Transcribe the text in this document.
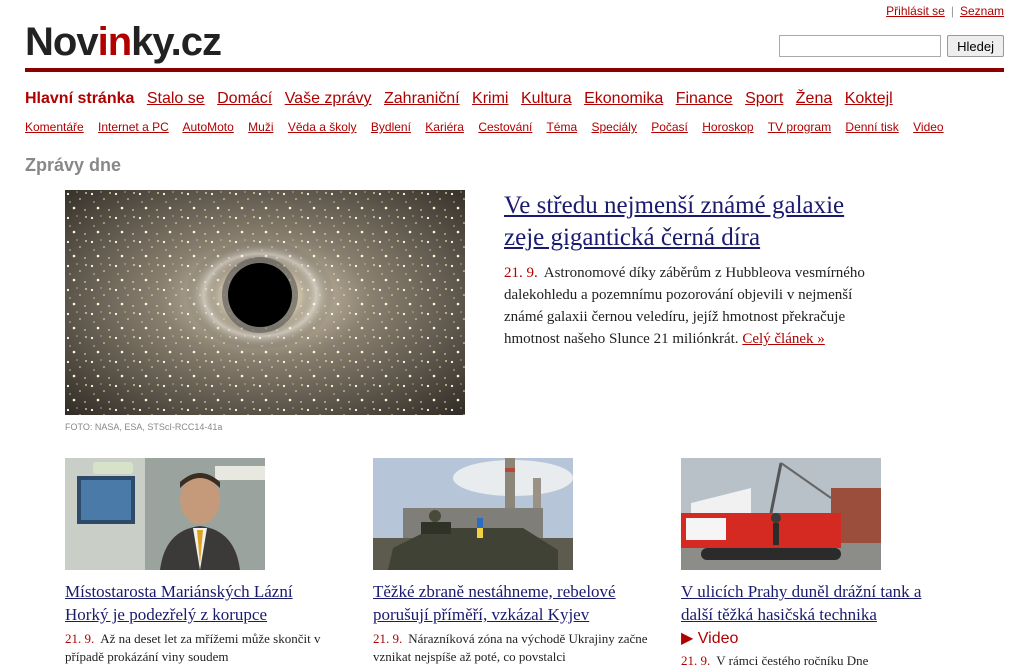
Přihlásit se | Seznam
Novinky.cz	Hledej
Hlavní stránka Stalo se Domácí Vaše zprávy Zahraniční Krimi Kultura Ekonomika Finance Sport Žena Koktejl
Komentáře Internet a PC AutoMoto Muži Věda a školy Bydlení Kariéra Cestování Téma Speciály Počasí Horoskop TV program Denní tisk Video
Zprávy dne
FOTO: NASA, ESA, STScI-RCC14-41a
Ve středu nejmenší známé galaxie zeje gigantická černá díra
21. 9. Astronomové díky záběrům z Hubbleova vesmírného dalekohledu a pozemnímu pozorování objevili v nejmenší známé galaxii černou veledíru, jejíž hmotnost překračuje hmotnost našeho Slunce 21 miliónkrát. Celý článek »
Místostarosta Mariánských Lázní Horký je podezřelý z korupce
21. 9. Až na deset let za mřížemi může skončit v případě prokázání viny soudem
Těžké zbraně nestáhneme, rebelové porušují příměří, vzkázal Kyjev
21. 9. Nárazníková zóna na východě Ukrajiny začne vznikat nejspíše až poté, co povstalci
V ulicích Prahy duněl drážní tank a další těžká hasičská technika
▶ Video
21. 9. V rámci čestého ročníku Dne
